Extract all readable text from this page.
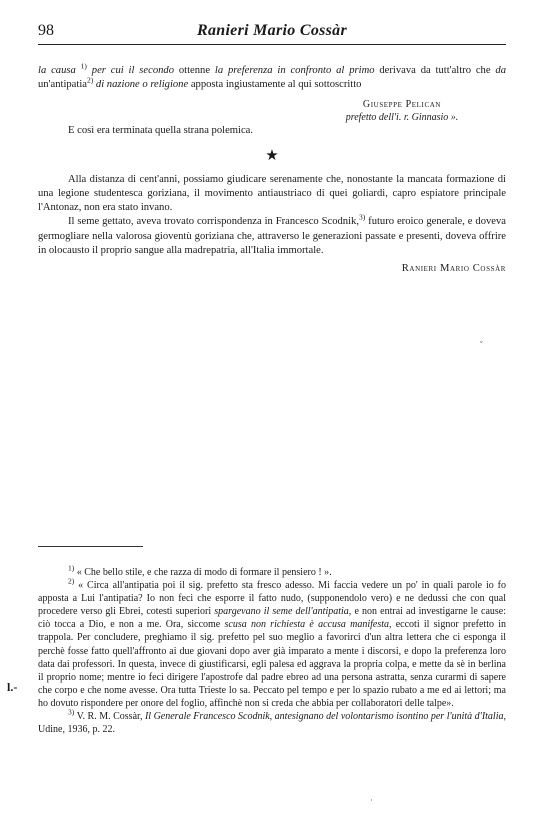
98	Ranieri Mario Cossàr

la causa $^{1)}$ per cui il secondo ottenne la preferenza in confronto al primo derivava da tutt'altro che da un'antipatia$^{2)}$ di nazione o religione apposta ingiustamente al qui sottoscritto

Giuseppe Pelican
prefetto dell'i. r. Ginnasio ».

E così era terminata quella strana polemica.

★

Alla distanza di cent'anni, possiamo giudicare serenamente che, nonostante la mancata formazione di una legione studentesca goriziana, il movimento antiaustriaco di quei goliardi, capro espiatore principale l'Antonaz, non era stato invano.

Il seme gettato, aveva trovato corrispondenza in Francesco Scodnik,$^{3)}$ futuro eroico generale, e doveva germogliare nella valorosa gioventù goriziana che, attraverso le generazioni passate e presenti, doveva offrire in olocausto il proprio sangue alla madrepatria, all'Italia immortale.

Ranieri Mario Cossàr

$^{1)}$ « Che bello stile, e che razza di modo di formare il pensiero ! ».

$^{2)}$ « Circa all'antipatia poi il sig. prefetto sta fresco adesso. Mi faccia vedere un po' in quali parole io fo apposta a Lui l'antipatia? Io non feci che esporre il fatto nudo, (supponendolo vero) e ne dedussi che con qual procedere verso gli Ebrei, cotesti superiori spargevano il seme dell'antipatia, e non entrai ad investigarne le cause: ciò tocca a Dio, e non a me. Ora, siccome scusa non richiesta è accusa manifesta, eccoti il signor prefetto in trappola. Per concludere, preghiamo il sig. prefetto pel suo meglio a favorirci d'un altra lettera che ci esponga il perchè fosse fatto quell'affronto ai due giovani dopo aver già imparato a mente i discorsi, e dopo la preferenza loro data dai professori. In questa, invece di giustificarsi, egli palesa ed aggrava la propria colpa, e mette da sè in berlina il proprio nome; mentre io feci dirigere l'apostrofe dal padre ebreo ad una persona astratta, senza curarmi di sapere che corpo e che nome avesse. Ora tutta Trieste lo sa. Peccato pel tempo e per lo spazio rubato a me ed ai lettori; ma ho dovuto rispondere per onore del foglio, affinchè non si creda che abbia per collaboratori delle talpe».

$^{3)}$ V. R. M. Cossàr, Il Generale Francesco Scodnik, antesignano del volontarismo isontino per l'unità d'Italia, Udine, 1936, p. 22.

l.-
ˇ
·
